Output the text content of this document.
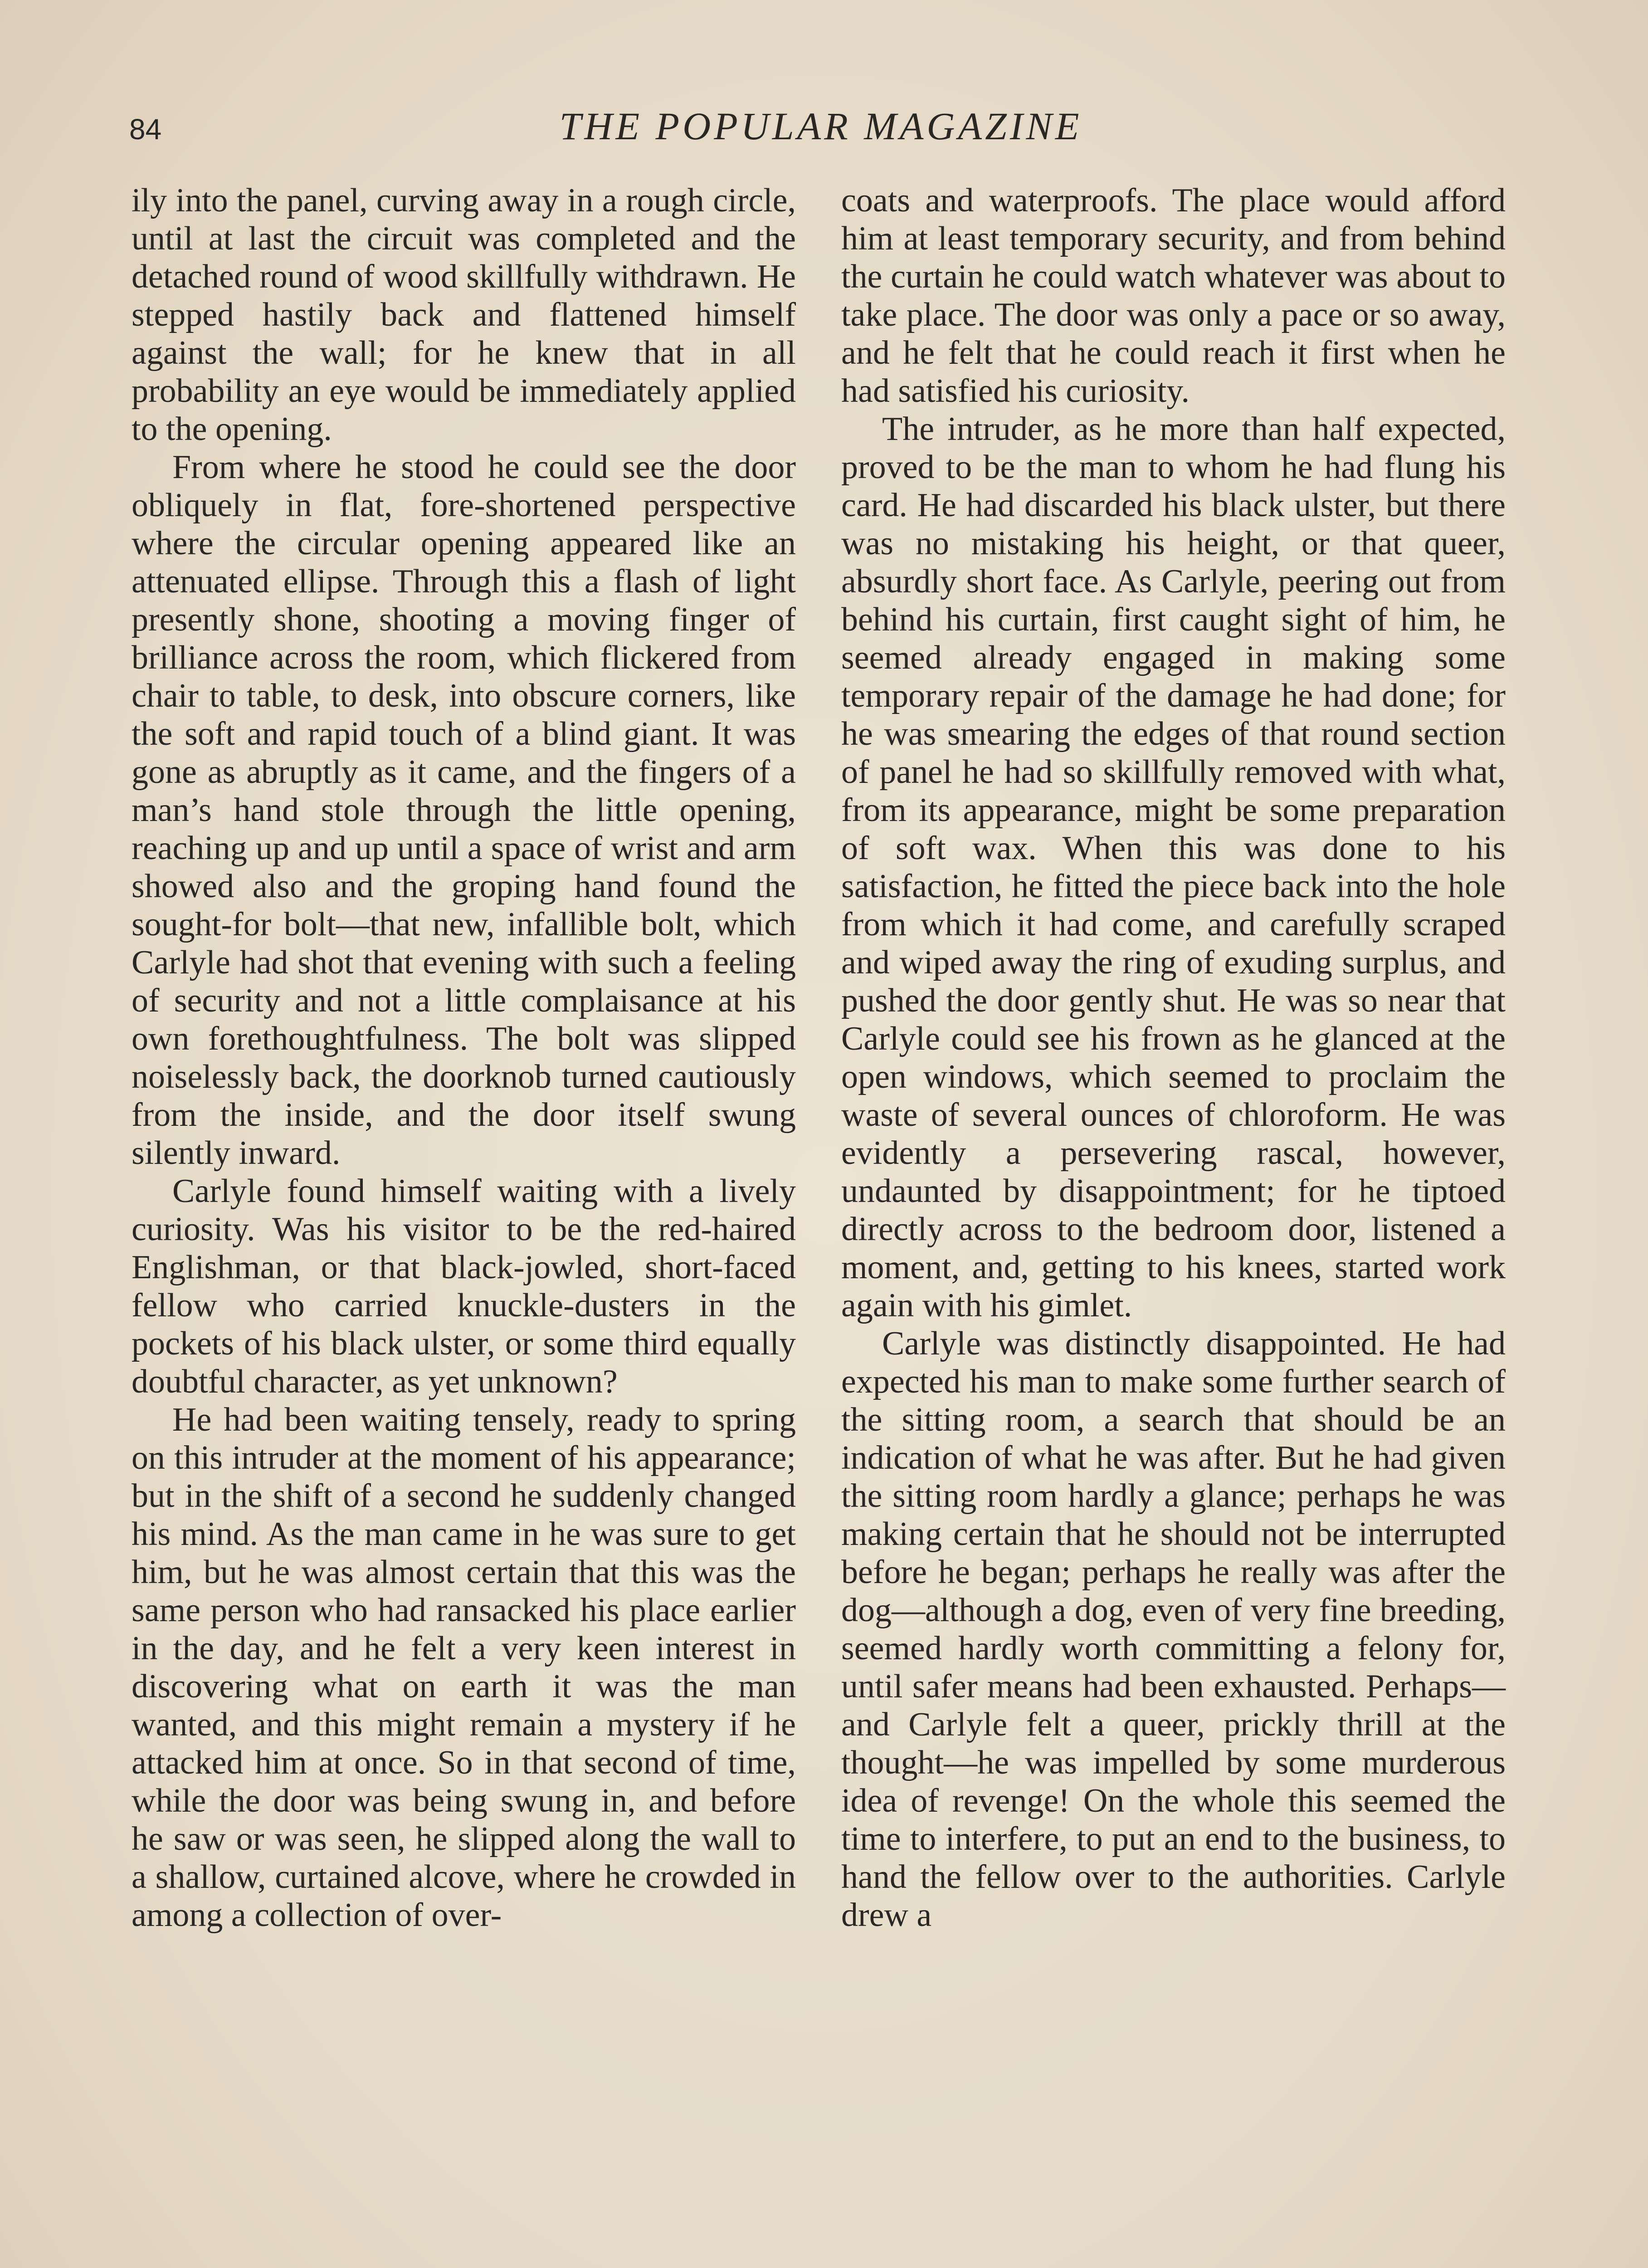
84	THE POPULAR MAGAZINE

ily into the panel, curving away in a rough circle, until at last the circuit was completed and the detached round of wood skillfully withdrawn. He stepped hastily back and flattened himself against the wall; for he knew that in all probability an eye would be immediately applied to the opening.

From where he stood he could see the door obliquely in flat, fore-shortened perspective where the circular opening appeared like an attenuated ellipse. Through this a flash of light presently shone, shooting a moving finger of brilliance across the room, which flickered from chair to table, to desk, into obscure corners, like the soft and rapid touch of a blind giant. It was gone as abruptly as it came, and the fingers of a man’s hand stole through the little opening, reaching up and up until a space of wrist and arm showed also and the groping hand found the sought-for bolt—that new, infallible bolt, which Carlyle had shot that evening with such a feeling of security and not a little complaisance at his own forethoughtfulness. The bolt was slipped noiselessly back, the doorknob turned cautiously from the inside, and the door itself swung silently inward.

Carlyle found himself waiting with a lively curiosity. Was his visitor to be the red-haired Englishman, or that black-jowled, short-faced fellow who carried knuckle-dusters in the pockets of his black ulster, or some third equally doubtful character, as yet unknown?

He had been waiting tensely, ready to spring on this intruder at the moment of his appearance; but in the shift of a second he suddenly changed his mind. As the man came in he was sure to get him, but he was almost certain that this was the same person who had ransacked his place earlier in the day, and he felt a very keen interest in discovering what on earth it was the man wanted, and this might remain a mystery if he attacked him at once. So in that second of time, while the door was being swung in, and before he saw or was seen, he slipped along the wall to a shallow, curtained alcove, where he crowded in among a collection of over-

coats and waterproofs. The place would afford him at least temporary security, and from behind the curtain he could watch whatever was about to take place. The door was only a pace or so away, and he felt that he could reach it first when he had satisfied his curiosity.

The intruder, as he more than half expected, proved to be the man to whom he had flung his card. He had discarded his black ulster, but there was no mistaking his height, or that queer, absurdly short face. As Carlyle, peering out from behind his curtain, first caught sight of him, he seemed already engaged in making some temporary repair of the damage he had done; for he was smearing the edges of that round section of panel he had so skillfully removed with what, from its appearance, might be some preparation of soft wax. When this was done to his satisfaction, he fitted the piece back into the hole from which it had come, and carefully scraped and wiped away the ring of exuding surplus, and pushed the door gently shut. He was so near that Carlyle could see his frown as he glanced at the open windows, which seemed to proclaim the waste of several ounces of chloroform. He was evidently a persevering rascal, however, undaunted by disappointment; for he tiptoed directly across to the bedroom door, listened a moment, and, getting to his knees, started work again with his gimlet.

Carlyle was distinctly disappointed. He had expected his man to make some further search of the sitting room, a search that should be an indication of what he was after. But he had given the sitting room hardly a glance; perhaps he was making certain that he should not be interrupted before he began; perhaps he really was after the dog—although a dog, even of very fine breeding, seemed hardly worth committing a felony for, until safer means had been exhausted. Perhaps—and Carlyle felt a queer, prickly thrill at the thought—he was impelled by some murderous idea of revenge! On the whole this seemed the time to interfere, to put an end to the business, to hand the fellow over to the authorities. Carlyle drew a
